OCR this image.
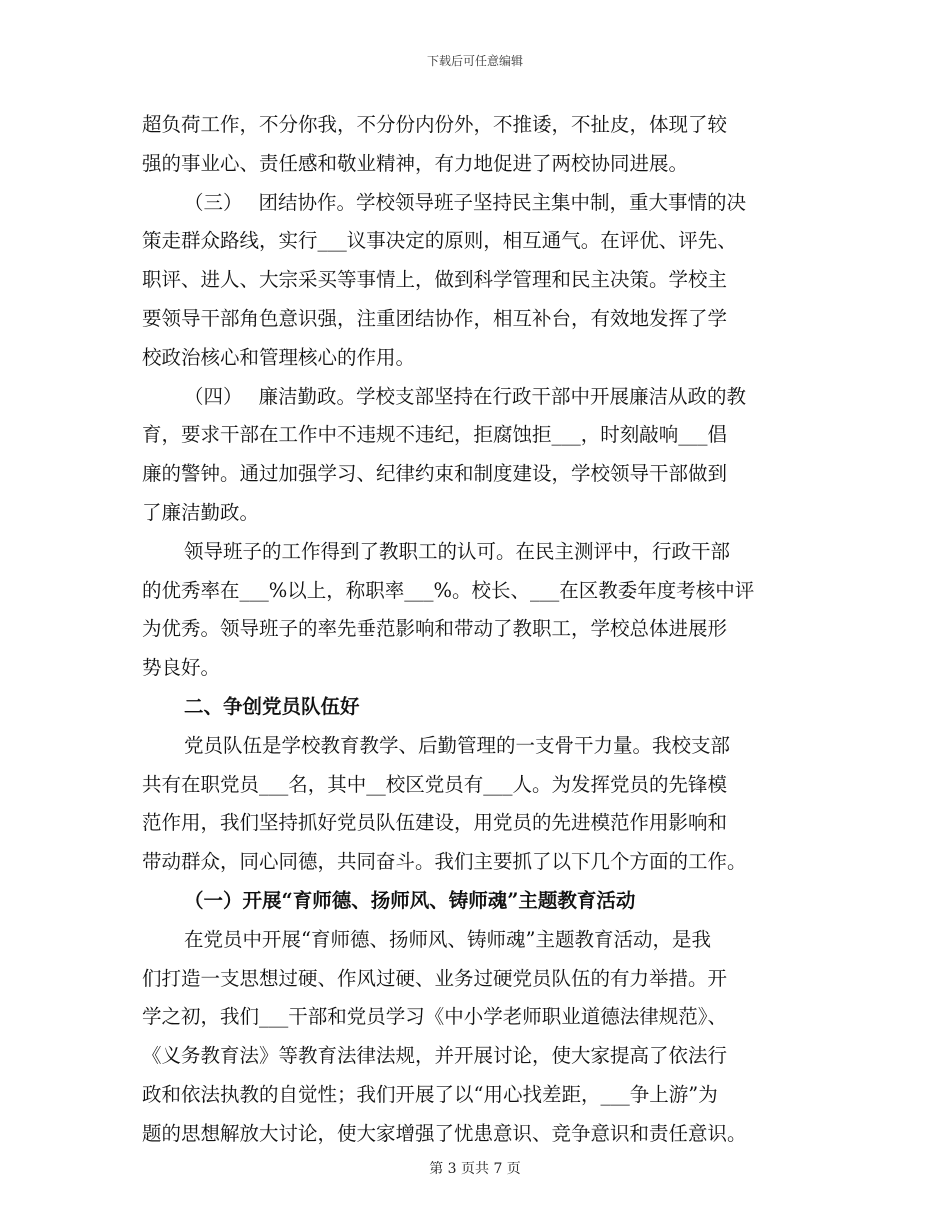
下载后可任意编辑
超负荷工作，不分你我，不分份内份外，不推诿，不扯皮，体现了较
强的事业心、责任感和敬业精神，有力地促进了两校协同进展。
（三）　 团结协作。学校领导班子坚持民主集中制，重大事情的决
策走群众路线，实行___议事决定的原则，相互通气。在评优、评先、
职评、进人、大宗采买等事情上，做到科学管理和民主决策。学校主
要领导干部角色意识强，注重团结协作，相互补台，有效地发挥了学
校政治核心和管理核心的作用。
（四）　 廉洁勤政。学校支部坚持在行政干部中开展廉洁从政的教
育，要求干部在工作中不违规不违纪，拒腐蚀拒___，时刻敲响___倡
廉的警钟。通过加强学习、纪律约束和制度建设，学校领导干部做到
了廉洁勤政。
领导班子的工作得到了教职工的认可。在民主测评中，行政干部
的优秀率在___%以上，称职率___%。校长、___在区教委年度考核中评
为优秀。领导班子的率先垂范影响和带动了教职工，学校总体进展形
势良好。
二、争创党员队伍好
党员队伍是学校教育教学、后勤管理的一支骨干力量。我校支部
共有在职党员___名，其中__校区党员有___人。为发挥党员的先锋模
范作用，我们坚持抓好党员队伍建设，用党员的先进模范作用影响和
带动群众，同心同德，共同奋斗。我们主要抓了以下几个方面的工作。
（一）开展“育师德、扬师风、铸师魂”主题教育活动
在党员中开展“育师德、扬师风、铸师魂”主题教育活动，是我
们打造一支思想过硬、作风过硬、业务过硬党员队伍的有力举措。开
学之初，我们___干部和党员学习《中小学老师职业道德法律规范》、
《义务教育法》等教育法律法规，并开展讨论，使大家提高了依法行
政和依法执教的自觉性；我们开展了以“用心找差距，___争上游”为
题的思想解放大讨论，使大家增强了忧患意识、竞争意识和责任意识。
第 3 页共 7 页
